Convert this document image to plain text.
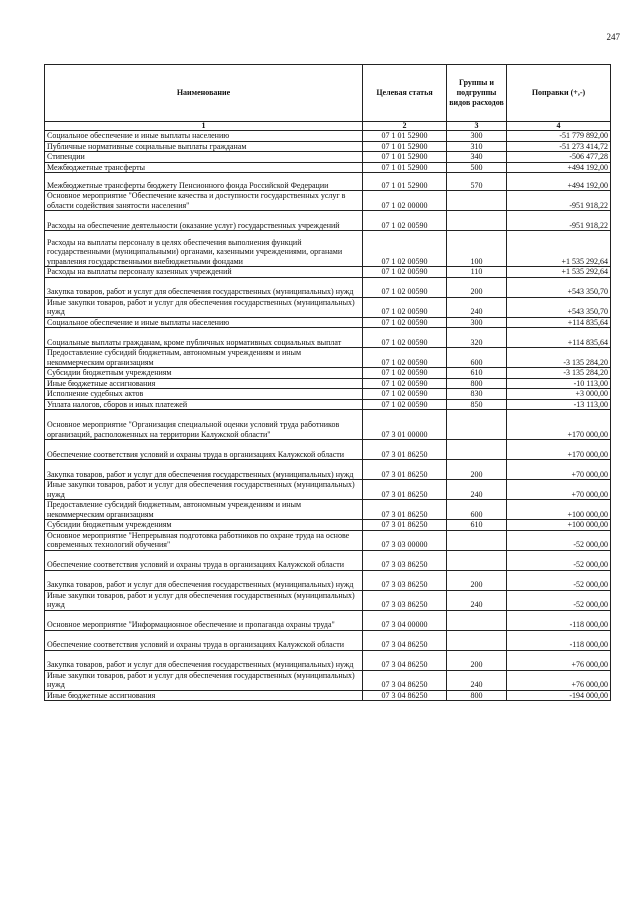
247
Наименование	Целевая статья	Группы и подгруппы видов расходов	Поправки (+,-)
1	2	3	4
Социальное обеспечение и иные выплаты населению	07 1 01 52900	300	-51 779 892,00
Публичные нормативные социальные выплаты гражданам	07 1 01 52900	310	-51 273 414,72
Стипендии	07 1 01 52900	340	-506 477,28
Межбюджетные трансферты	07 1 01 52900	500	+494 192,00
Межбюджетные трансферты бюджету Пенсионного фонда Российской Федерации	07 1 01 52900	570	+494 192,00
Основное мероприятие "Обеспечение качества и доступности государственных услуг в области содействия занятости населения"	07 1 02 00000		-951 918,22
Расходы на обеспечение деятельности (оказание услуг) государственных учреждений	07 1 02 00590		-951 918,22
Расходы на выплаты персоналу в целях обеспечения выполнения функций государственными (муниципальными) органами, казенными учреждениями, органами управления государственными внебюджетными фондами	07 1 02 00590	100	+1 535 292,64
Расходы на выплаты персоналу казенных учреждений	07 1 02 00590	110	+1 535 292,64
Закупка товаров, работ и услуг для обеспечения государственных (муниципальных) нужд	07 1 02 00590	200	+543 350,70
Иные закупки товаров, работ и услуг для обеспечения государственных (муниципальных) нужд	07 1 02 00590	240	+543 350,70
Социальное обеспечение и иные выплаты населению	07 1 02 00590	300	+114 835,64
Социальные выплаты гражданам, кроме публичных нормативных социальных выплат	07 1 02 00590	320	+114 835,64
Предоставление субсидий бюджетным, автономным учреждениям и иным некоммерческим организациям	07 1 02 00590	600	-3 135 284,20
Субсидии бюджетным учреждениям	07 1 02 00590	610	-3 135 284,20
Иные бюджетные ассигнования	07 1 02 00590	800	-10 113,00
Исполнение судебных актов	07 1 02 00590	830	+3 000,00
Уплата налогов, сборов и иных платежей	07 1 02 00590	850	-13 113,00
Основное мероприятие "Организация специальной оценки условий труда работников организаций, расположенных на территории Калужской области"	07 3 01 00000		+170 000,00
Обеспечение соответствия условий и охраны труда в организациях Калужской области	07 3 01 86250		+170 000,00
Закупка товаров, работ и услуг для обеспечения государственных (муниципальных) нужд	07 3 01 86250	200	+70 000,00
Иные закупки товаров, работ и услуг для обеспечения государственных (муниципальных) нужд	07 3 01 86250	240	+70 000,00
Предоставление субсидий бюджетным, автономным учреждениям и иным некоммерческим организациям	07 3 01 86250	600	+100 000,00
Субсидии бюджетным учреждениям	07 3 01 86250	610	+100 000,00
Основное мероприятие "Непрерывная подготовка работников по охране труда на основе современных технологий обучения"	07 3 03 00000		-52 000,00
Обеспечение соответствия условий и охраны труда в организациях Калужской области	07 3 03 86250		-52 000,00
Закупка товаров, работ и услуг для обеспечения государственных (муниципальных) нужд	07 3 03 86250	200	-52 000,00
Иные закупки товаров, работ и услуг для обеспечения государственных (муниципальных) нужд	07 3 03 86250	240	-52 000,00
Основное мероприятие "Информационное обеспечение и пропаганда охраны труда"	07 3 04 00000		-118 000,00
Обеспечение соответствия условий и охраны труда в организациях Калужской области	07 3 04 86250		-118 000,00
Закупка товаров, работ и услуг для обеспечения государственных (муниципальных) нужд	07 3 04 86250	200	+76 000,00
Иные закупки товаров, работ и услуг для обеспечения государственных (муниципальных) нужд	07 3 04 86250	240	+76 000,00
Иные бюджетные ассигнования	07 3 04 86250	800	-194 000,00
